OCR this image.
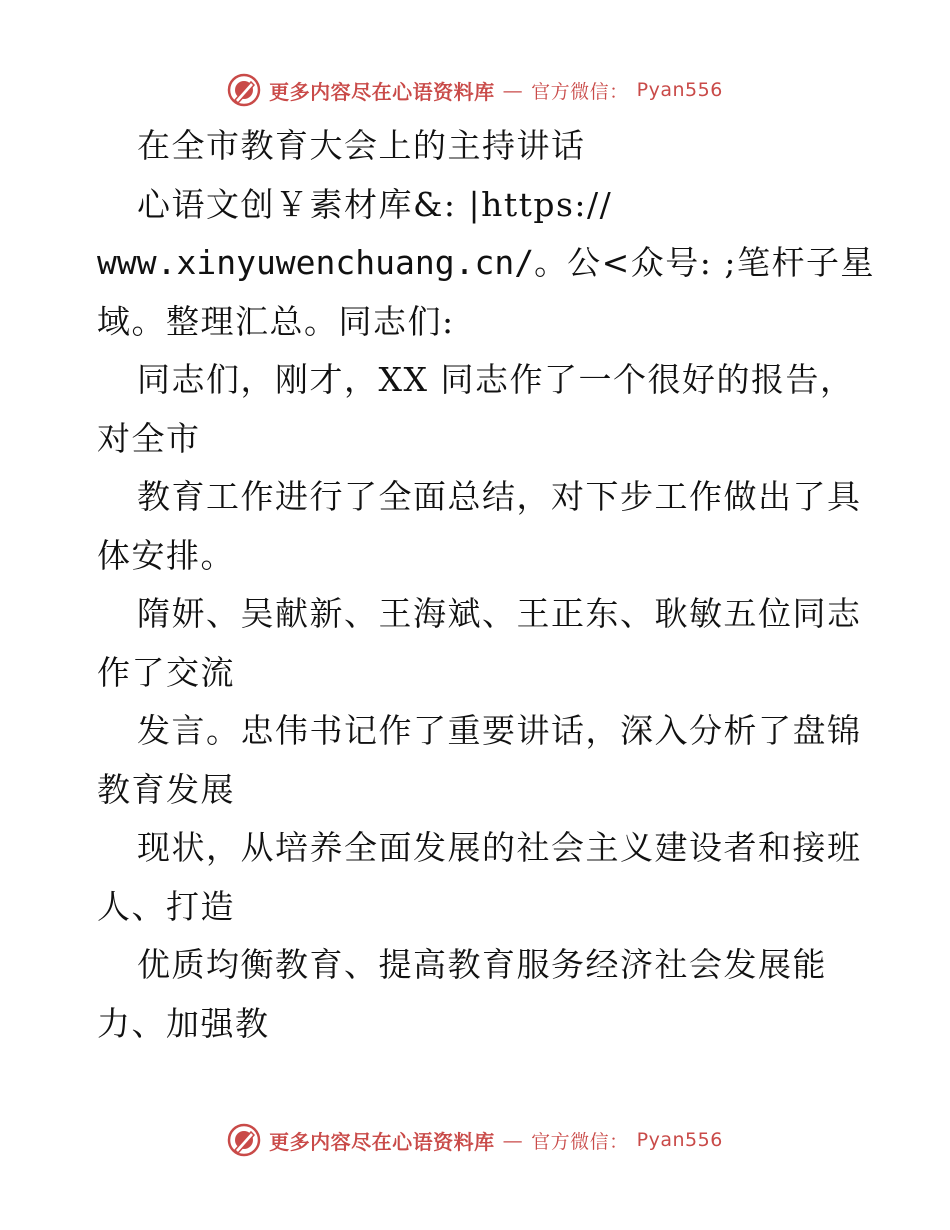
更多内容尽在心语资料库 — 官方微信： Pyan556
在全市教育大会上的主持讲话
心语文创￥素材库&: |https://
www.xinyuwenchuang.cn/。公<众号: ;笔杆子星
域。整理汇总。同志们:
同志们，刚才，XX 同志作了一个很好的报告，
对全市
教育工作进行了全面总结，对下步工作做出了具
体安排。
隋妍、吴献新、王海斌、王正东、耿敏五位同志
作了交流
发言。忠伟书记作了重要讲话，深入分析了盘锦
教育发展
现状，从培养全面发展的社会主义建设者和接班
人、打造
优质均衡教育、提高教育服务经济社会发展能
力、加强教
更多内容尽在心语资料库 — 官方微信： Pyan556
